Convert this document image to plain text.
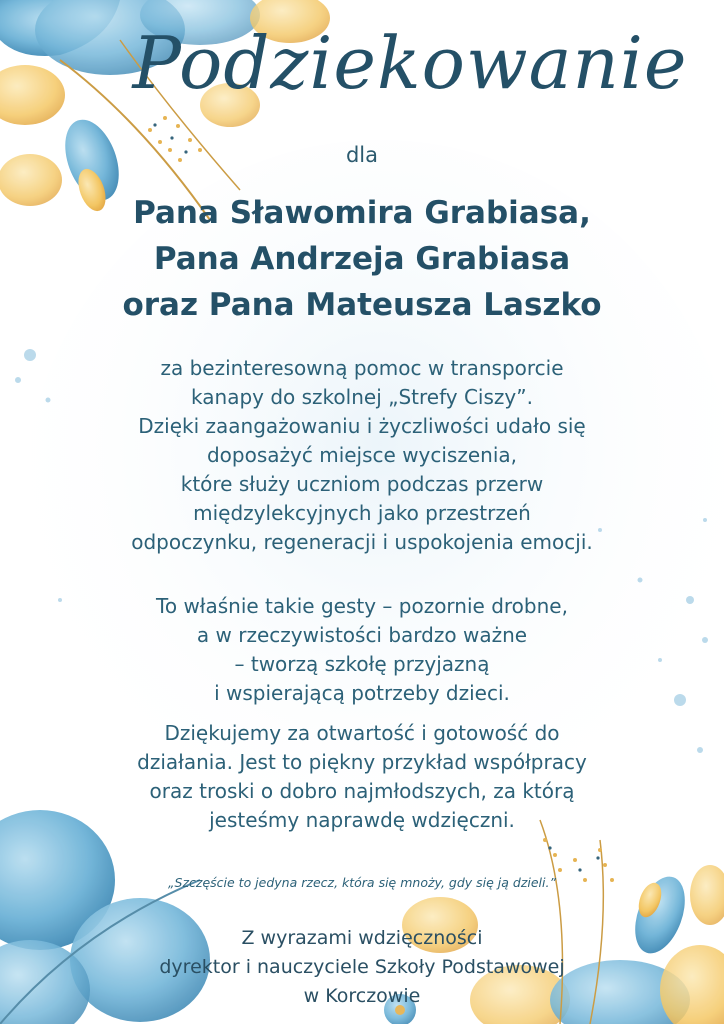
Podziekowanie
dla
Pana Sławomira Grabiasa,
Pana Andrzeja Grabiasa
oraz Pana Mateusza Laszko
za bezinteresowną pomoc w transporcie
kanapy do szkolnej „Strefy Ciszy”.
Dzięki zaangażowaniu i życzliwości udało się
doposażyć miejsce wyciszenia,
które służy uczniom podczas przerw
międzylekcyjnych jako przestrzeń
odpoczynku, regeneracji i uspokojenia emocji.
To właśnie takie gesty – pozornie drobne,
a w rzeczywistości bardzo ważne
– tworzą szkołę przyjazną
i wspierającą potrzeby dzieci.
Dziękujemy za otwartość i gotowość do
działania. Jest to piękny przykład współpracy
oraz troski o dobro najmłodszych, za którą
jesteśmy naprawdę wdzięczni.
„Szczęście to jedyna rzecz, która się mnoży, gdy się ją dzieli.”
Z wyrazami wdzięczności
dyrektor i nauczyciele Szkoły Podstawowej
w Korczowie
